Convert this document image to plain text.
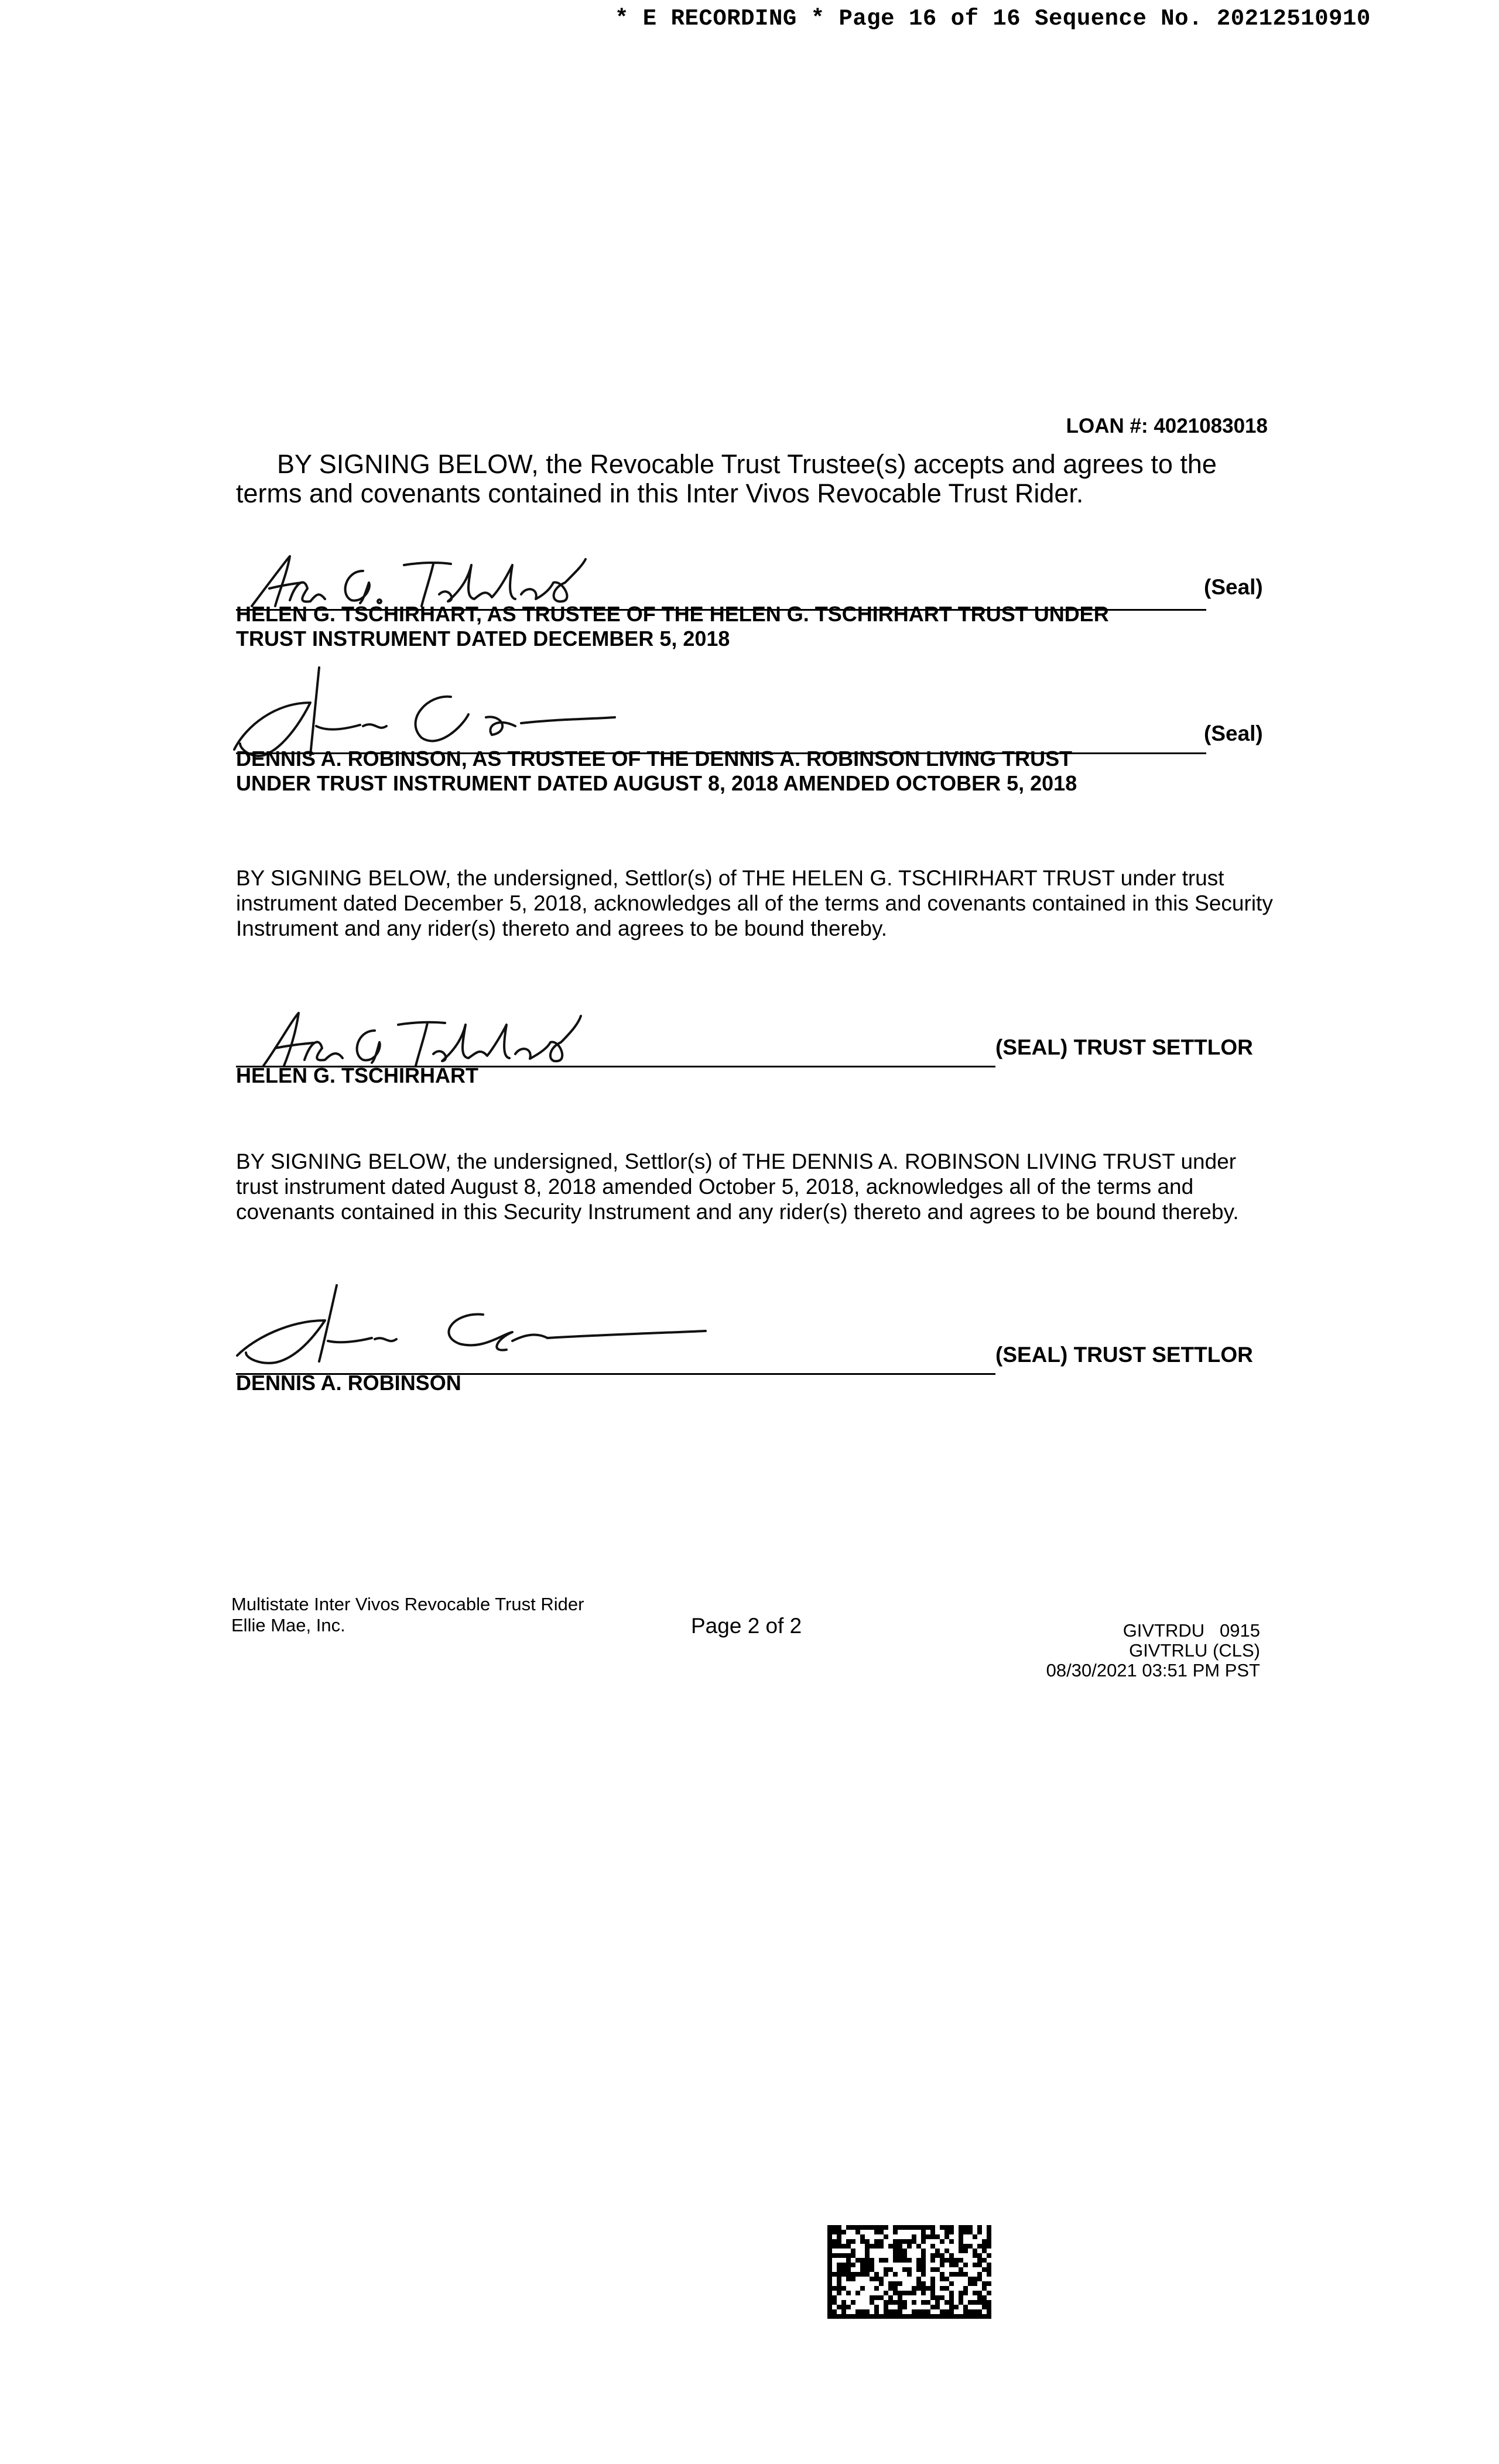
* E RECORDING * Page 16 of 16 Sequence No. 20212510910
LOAN #: 4021083018
BY SIGNING BELOW, the Revocable Trust Trustee(s) accepts and agrees to the terms and covenants contained in this Inter Vivos Revocable Trust Rider.
(Seal)
HELEN G. TSCHIRHART, AS TRUSTEE OF THE HELEN G. TSCHIRHART TRUST UNDER
TRUST INSTRUMENT DATED DECEMBER 5, 2018
(Seal)
DENNIS A. ROBINSON, AS TRUSTEE OF THE DENNIS A. ROBINSON LIVING TRUST
UNDER TRUST INSTRUMENT DATED AUGUST 8, 2018 AMENDED OCTOBER 5, 2018
BY SIGNING BELOW, the undersigned, Settlor(s) of THE HELEN G. TSCHIRHART TRUST under trust instrument dated December 5, 2018, acknowledges all of the terms and covenants contained in this Security Instrument and any rider(s) thereto and agrees to be bound thereby.
(SEAL) TRUST SETTLOR
HELEN G. TSCHIRHART
BY SIGNING BELOW, the undersigned, Settlor(s) of THE DENNIS A. ROBINSON LIVING TRUST under trust instrument dated August 8, 2018 amended October 5, 2018, acknowledges all of the terms and covenants contained in this Security Instrument and any rider(s) thereto and agrees to be bound thereby.
(SEAL) TRUST SETTLOR
DENNIS A. ROBINSON
Multistate Inter Vivos Revocable Trust Rider
Ellie Mae, Inc.	Page 2 of 2	GIVTRDU   0915
GIVTRLU (CLS)
08/30/2021 03:51 PM PST
